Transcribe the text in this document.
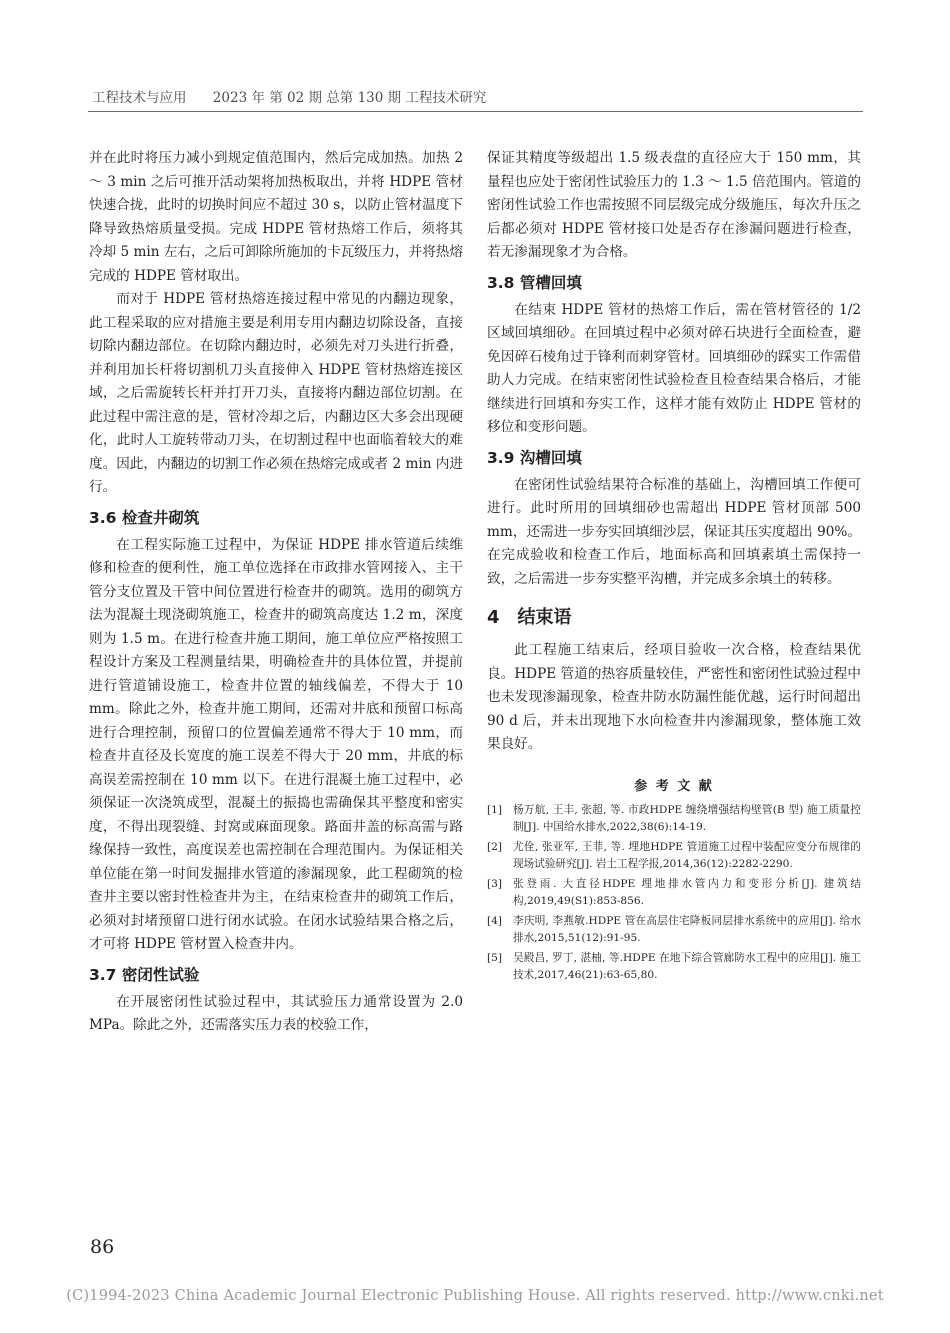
工程技术与应用 2023 年 第 02 期 总第 130 期 工程技术研究

并在此时将压力减小到规定值范围内，然后完成加热。加热 2 ～ 3 min 之后可推开活动架将加热板取出，并将 HDPE 管材快速合拢，此时的切换时间应不超过 30 s，以防止管材温度下降导致热熔质量受损。完成 HDPE 管材热熔工作后，须将其冷却 5 min 左右，之后可卸除所施加的卡瓦级压力，并将热熔完成的 HDPE 管材取出。

而对于 HDPE 管材热熔连接过程中常见的内翻边现象，此工程采取的应对措施主要是利用专用内翻边切除设备，直接切除内翻边部位。在切除内翻边时，必须先对刀头进行折叠，并利用加长杆将切割机刀头直接伸入 HDPE 管材热熔连接区域，之后需旋转长杆并打开刀头，直接将内翻边部位切割。在此过程中需注意的是，管材冷却之后，内翻边区大多会出现硬化，此时人工旋转带动刀头，在切割过程中也面临着较大的难度。因此，内翻边的切割工作必须在热熔完成或者 2 min 内进行。

3.6 检查井砌筑

在工程实际施工过程中，为保证 HDPE 排水管道后续维修和检查的便利性，施工单位选择在市政排水管网接入、主干管分支位置及干管中间位置进行检查井的砌筑。选用的砌筑方法为混凝土现浇砌筑施工，检查井的砌筑高度达 1.2 m，深度则为 1.5 m。在进行检查井施工期间，施工单位应严格按照工程设计方案及工程测量结果，明确检查井的具体位置，并提前进行管道铺设施工，检查井位置的轴线偏差，不得大于 10 mm。除此之外，检查井施工期间，还需对井底和预留口标高进行合理控制，预留口的位置偏差通常不得大于 10 mm，而检查井直径及长宽度的施工误差不得大于 20 mm，井底的标高误差需控制在 10 mm 以下。在进行混凝土施工过程中，必须保证一次浇筑成型，混凝土的振捣也需确保其平整度和密实度，不得出现裂缝、封窝或麻面现象。路面井盖的标高需与路缘保持一致性，高度误差也需控制在合理范围内。为保证相关单位能在第一时间发掘排水管道的渗漏现象，此工程砌筑的检查井主要以密封性检查井为主，在结束检查井的砌筑工作后，必须对封堵预留口进行闭水试验。在闭水试验结果合格之后，才可将 HDPE 管材置入检查井内。

3.7 密闭性试验

在开展密闭性试验过程中，其试验压力通常设置为 2.0 MPa。除此之外，还需落实压力表的校验工作，

保证其精度等级超出 1.5 级表盘的直径应大于 150 mm，其量程也应处于密闭性试验压力的 1.3 ～ 1.5 倍范围内。管道的密闭性试验工作也需按照不同层级完成分级施压，每次升压之后都必须对 HDPE 管材接口处是否存在渗漏问题进行检查，若无渗漏现象才为合格。

3.8 管槽回填

在结束 HDPE 管材的热熔工作后，需在管材管径的 1/2 区域回填细砂。在回填过程中必须对碎石块进行全面检查，避免因碎石棱角过于锋利而刺穿管材。回填细砂的踩实工作需借助人力完成。在结束密闭性试验检查且检查结果合格后，才能继续进行回填和夯实工作，这样才能有效防止 HDPE 管材的移位和变形问题。

3.9 沟槽回填

在密闭性试验结果符合标准的基础上，沟槽回填工作便可进行。此时所用的回填细砂也需超出 HDPE 管材顶部 500 mm，还需进一步夯实回填细沙层，保证其压实度超出 90%。在完成验收和检查工作后，地面标高和回填素填土需保持一致，之后需进一步夯实整平沟槽，并完成多余填土的转移。

4 结束语

此工程施工结束后，经项目验收一次合格，检查结果优良。HDPE 管道的热容质量较佳，严密性和密闭性试验过程中也未发现渗漏现象，检查井防水防漏性能优越，运行时间超出 90 d 后，并未出现地下水向检查井内渗漏现象，整体施工效果良好。

参 考 文 献
[1]	杨万航, 王丰, 张超, 等. 市政HDPE 缠绕增强结构壁管(B 型) 施工质量控制[J]. 中国给水排水,2022,38(6):14-19.
[2]	尤佺, 张亚军, 王菲, 等. 埋地HDPE 管道施工过程中装配应变分布规律的现场试验研究[J]. 岩土工程学报,2014,36(12):2282-2290.
[3]	张登雨. 大直径HDPE 埋地排水管内力和变形分析[J]. 建筑结构,2019,49(S1):853-856.
[4]	李庆明, 李燕敏.HDPE 管在高层住宅降板同层排水系统中的应用[J]. 给水排水,2015,51(12):91-95.
[5]	吴殿昌, 罗丁, 湛柚, 等.HDPE 在地下综合管廊防水工程中的应用[J]. 施工技术,2017,46(21):63-65,80.
86
(C)1994-2023 China Academic Journal Electronic Publishing House. All rights reserved. http://www.cnki.net
